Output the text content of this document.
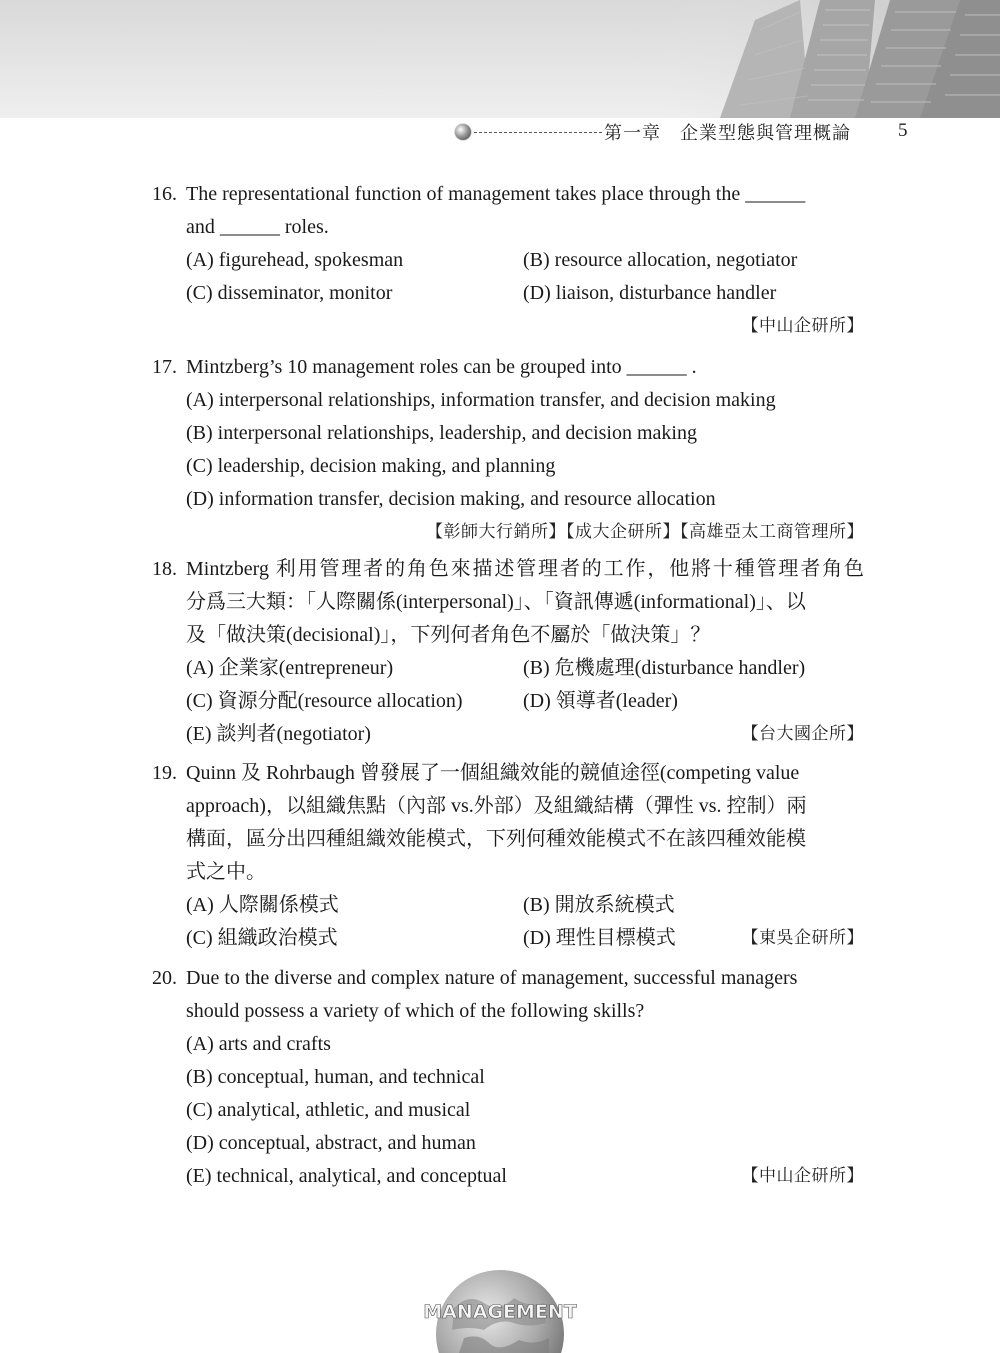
第一章　企業型態與管理概論 5
16. The representational function of management takes place through the ______
and ______ roles.
(A) figurehead, spokesman	(B) resource allocation, negotiator
(C) disseminator, monitor	(D) liaison, disturbance handler
【中山企研所】
17. Mintzberg’s 10 management roles can be grouped into ______ .
(A) interpersonal relationships, information transfer, and decision making
(B) interpersonal relationships, leadership, and decision making
(C) leadership, decision making, and planning
(D) information transfer, decision making, and resource allocation
【彰師大行銷所】【成大企研所】【高雄亞太工商管理所】
18. Mintzberg 利用管理者的角色來描述管理者的工作，他將十種管理者角色
分爲三大類：「人際關係(interpersonal)」、「資訊傳遞(informational)」、以
及「做決策(decisional)」，下列何者角色不屬於「做決策」？
(A) 企業家(entrepreneur)	(B) 危機處理(disturbance handler)
(C) 資源分配(resource allocation)	(D) 領導者(leader)
(E) 談判者(negotiator)	【台大國企所】
19. Quinn 及 Rohrbaugh 曾發展了一個組織效能的競値途徑(competing value
approach)，以組織焦點（內部 vs.外部）及組織結構（彈性 vs. 控制）兩
構面，區分出四種組織效能模式，下列何種效能模式不在該四種效能模
式之中。
(A) 人際關係模式	(B) 開放系統模式
(C) 組織政治模式	(D) 理性目標模式	【東吳企研所】
20. Due to the diverse and complex nature of management, successful managers
should possess a variety of which of the following skills?
(A) arts and crafts
(B) conceptual, human, and technical
(C) analytical, athletic, and musical
(D) conceptual, abstract, and human
(E) technical, analytical, and conceptual	【中山企研所】
MANAGEMENT
